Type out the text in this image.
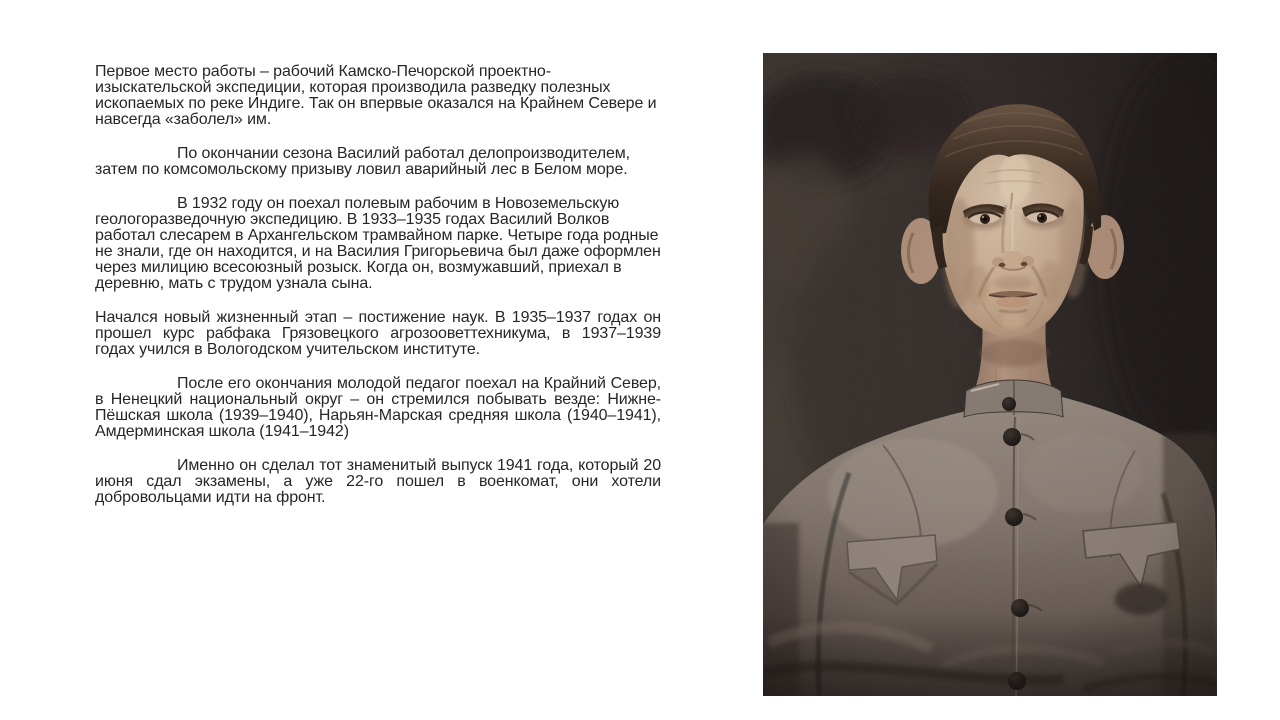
Первое место работы – рабочий Камско-Печорской проектно-изыскательской экспедиции, которая производила разведку полезных ископаемых по реке Индиге. Так он впервые оказался на Крайнем Севере и навсегда «заболел» им.

По окончании сезона Василий работал делопроизводителем, затем по комсомольскому призыву ловил аварийный лес в Белом море.

В 1932 году он поехал полевым рабочим в Новоземельскую геологоразведочную экспедицию. В 1933–1935 годах Василий Волков работал слесарем в Архангельском трамвайном парке. Четыре года родные не знали, где он находится, и на Василия Григорьевича был даже оформлен через милицию всесоюзный розыск. Когда он, возмужавший, приехал в деревню, мать с трудом узнала сына.

Начался новый жизненный этап – постижение наук. В 1935–1937 годах он прошел курс рабфака Грязовецкого агрозооветтехникума, в 1937–1939 годах учился в Вологодском учительском институте.

После его окончания молодой педагог поехал на Крайний Север, в Ненецкий национальный округ – он стремился побывать везде: Нижне-Пёшская школа (1939–1940), Нарьян-Марская средняя школа (1940–1941), Амдерминская школа (1941–1942)

Именно он сделал тот знаменитый выпуск 1941 года, который 20 июня сдал экзамены, а уже 22-го пошел в военкомат, они хотели добровольцами идти на фронт.
